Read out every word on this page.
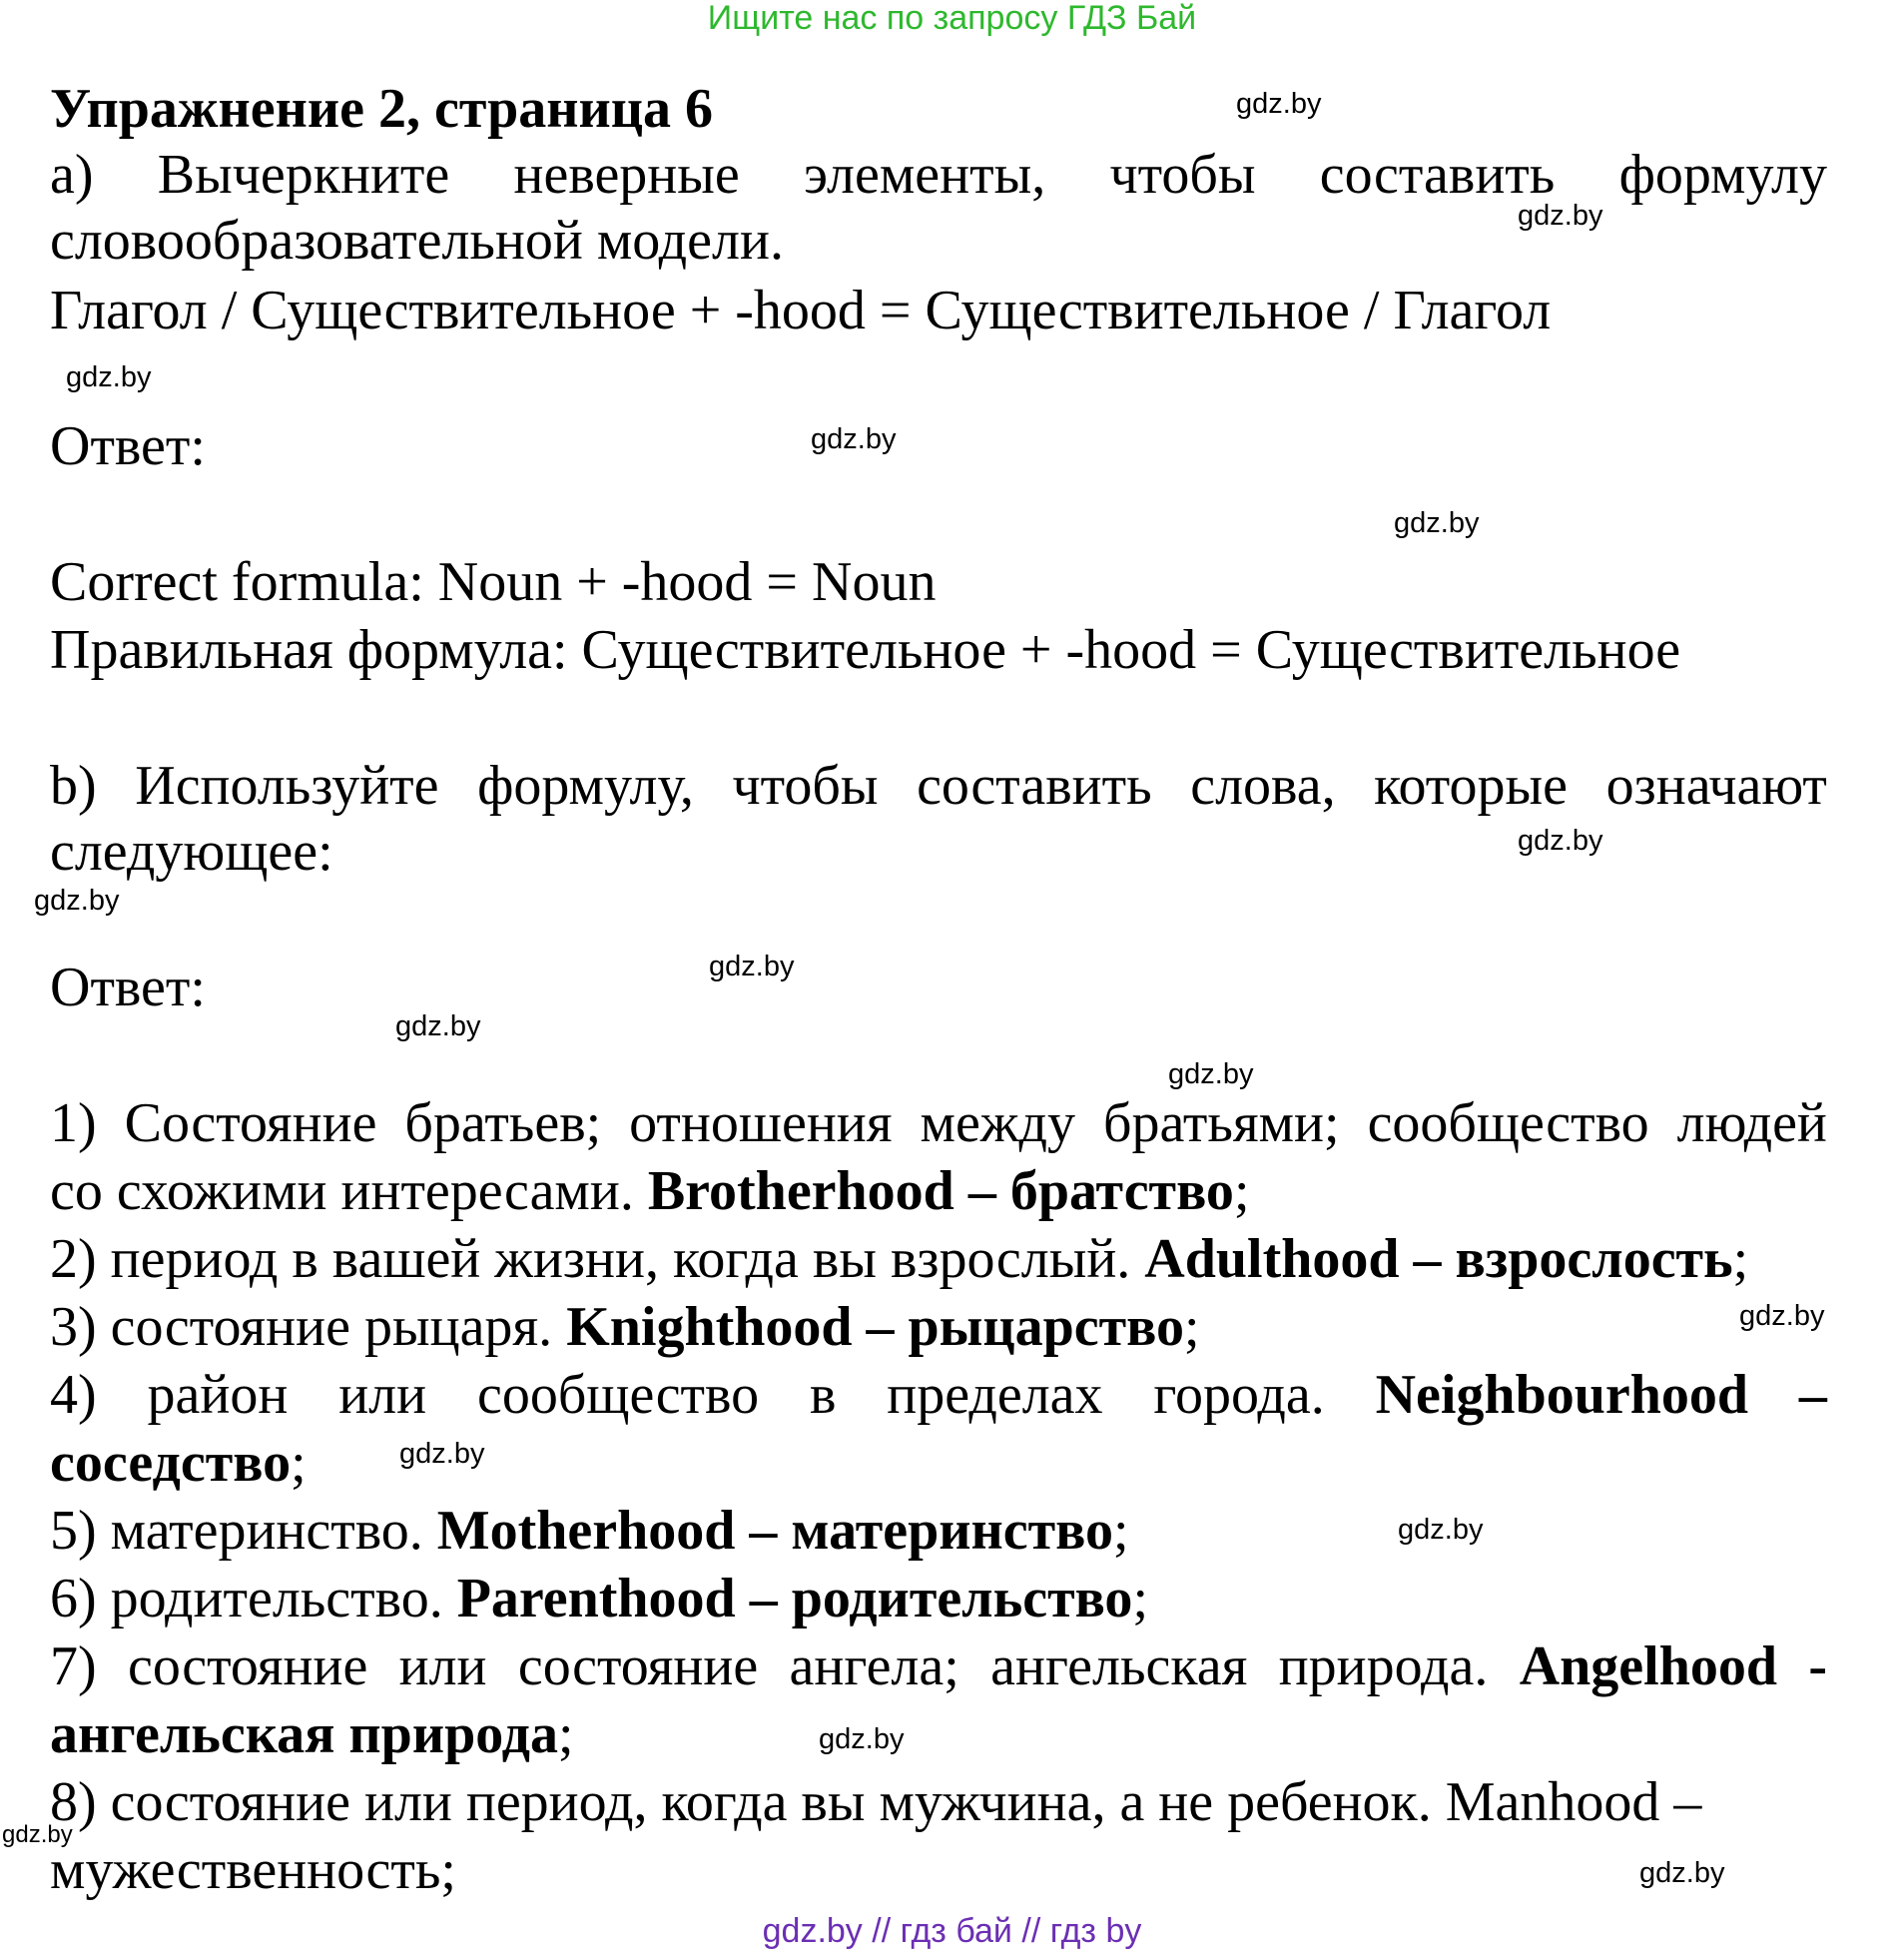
Ищите нас по запросу ГДЗ Бай
Упражнение 2, страница 6
a) Вычеркните неверные элементы, чтобы составить формулу
словообразовательной модели.
Глагол / Существительное + -hood = Существительное / Глагол
Ответ:
Correct formula: Noun + -hood = Noun
Правильная формула: Существительное + -hood = Существительное
b) Используйте формулу, чтобы составить слова, которые означают
следующее:
Ответ:
1) Состояние братьев; отношения между братьями; сообщество людей
со схожими интересами. Brotherhood – братство;
2) период в вашей жизни, когда вы взрослый. Adulthood – взрослость;
3) состояние рыцаря. Knighthood – рыцарство;
4) район или сообщество в пределах города. Neighbourhood –
соседство;
5) материнство. Motherhood – материнство;
6) родительство. Parenthood – родительство;
7) состояние или состояние ангела; ангельская природа. Angelhood -
ангельская природа;
8) состояние или период, когда вы мужчина, а не ребенок. Manhood –
мужественность;
gdz.by
gdz.by
gdz.by
gdz.by
gdz.by
gdz.by
gdz.by
gdz.by
gdz.by
gdz.by
gdz.by
gdz.by
gdz.by
gdz.by
gdz.by
gdz.by
gdz.by // гдз бай // гдз by
